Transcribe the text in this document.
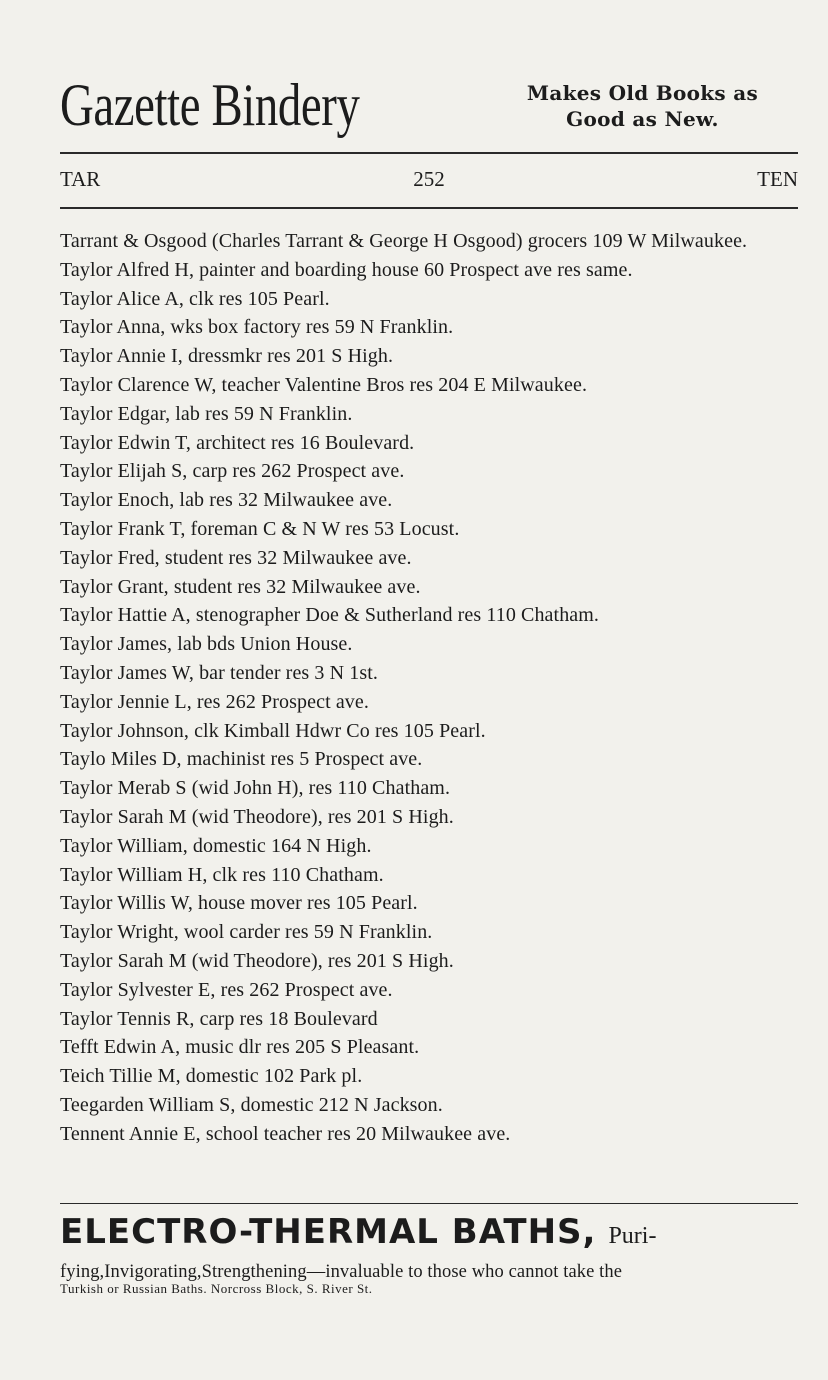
Gazette Bindery	Makes Old Books as
Good as New.
TAR	252	TEN
Tarrant & Osgood (Charles Tarrant & George H Osgood) grocers 109 W Milwaukee.
Taylor Alfred H, painter and boarding house 60 Prospect ave res same.
Taylor Alice A, clk res 105 Pearl.
Taylor Anna, wks box factory res 59 N Franklin.
Taylor Annie I, dressmkr res 201 S High.
Taylor Clarence W, teacher Valentine Bros res 204 E Milwaukee.
Taylor Edgar, lab res 59 N Franklin.
Taylor Edwin T, architect res 16 Boulevard.
Taylor Elijah S, carp res 262 Prospect ave.
Taylor Enoch, lab res 32 Milwaukee ave.
Taylor Frank T, foreman C & N W res 53 Locust.
Taylor Fred, student res 32 Milwaukee ave.
Taylor Grant, student res 32 Milwaukee ave.
Taylor Hattie A, stenographer Doe & Sutherland res 110 Chatham.
Taylor James, lab bds Union House.
Taylor James W, bar tender res 3 N 1st.
Taylor Jennie L, res 262 Prospect ave.
Taylor Johnson, clk Kimball Hdwr Co res 105 Pearl.
Taylo Miles D, machinist res 5 Prospect ave.
Taylor Merab S (wid John H), res 110 Chatham.
Taylor Sarah M (wid Theodore), res 201 S High.
Taylor William, domestic 164 N High.
Taylor William H, clk res 110 Chatham.
Taylor Willis W, house mover res 105 Pearl.
Taylor Wright, wool carder res 59 N Franklin.
Taylor Sarah M (wid Theodore), res 201 S High.
Taylor Sylvester E, res 262 Prospect ave.
Taylor Tennis R, carp res 18 Boulevard
Tefft Edwin A, music dlr res 205 S Pleasant.
Teich Tillie M, domestic 102 Park pl.
Teegarden William S, domestic 212 N Jackson.
Tennent Annie E, school teacher res 20 Milwaukee ave.
ELECTRO-THERMAL BATHS, Puri-
fying,Invigorating,Strengthening—invaluable to those who cannot take the
Turkish or Russian Baths. Norcross Block, S. River St.
